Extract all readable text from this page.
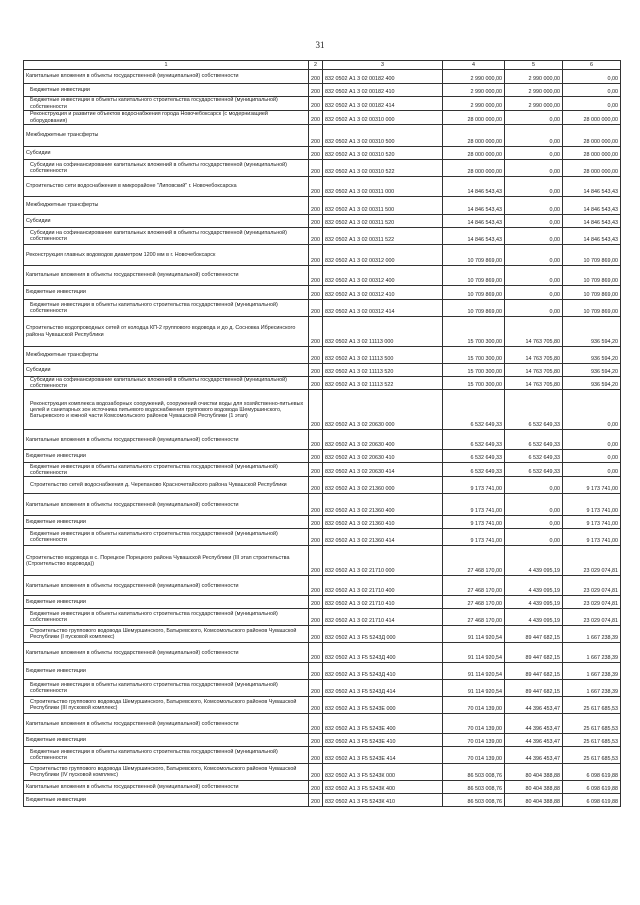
31
1	2	3	4	5	6
Капитальные вложения в объекты государственной (муниципальной) собственности	200	832 0502 А1 3 02 00182 400	2 990 000,00	2 990 000,00	0,00
Бюджетные инвестиции	200	832 0502 А1 3 02 00182 410	2 990 000,00	2 990 000,00	0,00
Бюджетные инвестиции в объекты капитального строительства государственной (муниципальной) собственности	200	832 0502 А1 3 02 00182 414	2 990 000,00	2 990 000,00	0,00
Реконструкция и развитие объектов водоснабжения города Новочебоксарск (с модернизацией оборудования)	200	832 0502 А1 3 02 00310 000	28 000 000,00	0,00	28 000 000,00
Межбюджетные трансферты	200	832 0502 А1 3 02 00310 500	28 000 000,00	0,00	28 000 000,00
Субсидии	200	832 0502 А1 3 02 00310 520	28 000 000,00	0,00	28 000 000,00
Субсидии на софинансирование капитальных вложений в объекты государственной (муниципальной) собственности	200	832 0502 А1 3 02 00310 522	28 000 000,00	0,00	28 000 000,00
Строительство сети водоснабжения в микрорайоне "Липовский" г. Новочебоксарска	200	832 0502 А1 3 02 00311 000	14 846 543,43	0,00	14 846 543,43
Межбюджетные трансферты	200	832 0502 А1 3 02 00311 500	14 846 543,43	0,00	14 846 543,43
Субсидии	200	832 0502 А1 3 02 00311 520	14 846 543,43	0,00	14 846 543,43
Субсидии на софинансирование капитальных вложений в объекты государственной (муниципальной) собственности	200	832 0502 А1 3 02 00311 522	14 846 543,43	0,00	14 846 543,43
Реконструкция главных водоводов диаметром 1200 мм в г. Новочебоксарск	200	832 0502 А1 3 02 00312 000	10 709 869,00	0,00	10 709 869,00
Капитальные вложения в объекты государственной (муниципальной) собственности	200	832 0502 А1 3 02 00312 400	10 709 869,00	0,00	10 709 869,00
Бюджетные инвестиции	200	832 0502 А1 3 02 00312 410	10 709 869,00	0,00	10 709 869,00
Бюджетные инвестиции в объекты капитального строительства государственной (муниципальной) собственности	200	832 0502 А1 3 02 00312 414	10 709 869,00	0,00	10 709 869,00
Строительство водопроводных сетей от колодца КП-2 группового водовода и до д. Сосновка Ибресинского района Чувашской Республики	200	832 0502 А1 3 02 11113 000	15 700 300,00	14 763 705,80	936 594,20
Межбюджетные трансферты	200	832 0502 А1 3 02 11113 500	15 700 300,00	14 763 705,80	936 594,20
Субсидии	200	832 0502 А1 3 02 11113 520	15 700 300,00	14 763 705,80	936 594,20
Субсидии на софинансирование капитальных вложений в объекты государственной (муниципальной) собственности	200	832 0502 А1 3 02 11113 522	15 700 300,00	14 763 705,80	936 594,20
Реконструкция комплекса водозаборных сооружений, сооружений очистки воды для хозяйственно-питьевых целей и санитарных зон источника питьевого водоснабжения группового водовода Шемуршинского, Батыревского и южной части Комсомольского районов Чувашской Республики (1 этап)	200	832 0502 А1 3 02 20630 000	6 532 649,33	6 532 649,33	0,00
Капитальные вложения в объекты государственной (муниципальной) собственности	200	832 0502 А1 3 02 20630 400	6 532 649,33	6 532 649,33	0,00
Бюджетные инвестиции	200	832 0502 А1 3 02 20630 410	6 532 649,33	6 532 649,33	0,00
Бюджетные инвестиции в объекты капитального строительства государственной (муниципальной) собственности	200	832 0502 А1 3 02 20630 414	6 532 649,33	6 532 649,33	0,00
Строительство сетей водоснабжения д. Черепаново Красночетайского района Чувашской Республики	200	832 0502 А1 3 02 21360 000	9 173 741,00	0,00	9 173 741,00
Капитальные вложения в объекты государственной (муниципальной) собственности	200	832 0502 А1 3 02 21360 400	9 173 741,00	0,00	9 173 741,00
Бюджетные инвестиции	200	832 0502 А1 3 02 21360 410	9 173 741,00	0,00	9 173 741,00
Бюджетные инвестиции в объекты капитального строительства государственной (муниципальной) собственности	200	832 0502 А1 3 02 21360 414	9 173 741,00	0,00	9 173 741,00
Строительство водовода в с. Порецкое Порецкого района Чувашской Республики (III этап строительства (Строительство водовода))	200	832 0502 А1 3 02 21710 000	27 468 170,00	4 439 095,19	23 029 074,81
Капитальные вложения в объекты государственной (муниципальной) собственности	200	832 0502 А1 3 02 21710 400	27 468 170,00	4 439 095,19	23 029 074,81
Бюджетные инвестиции	200	832 0502 А1 3 02 21710 410	27 468 170,00	4 439 095,19	23 029 074,81
Бюджетные инвестиции в объекты капитального строительства государственной (муниципальной) собственности	200	832 0502 А1 3 02 21710 414	27 468 170,00	4 439 095,19	23 029 074,81
Строительство группового водовода Шемуршинского, Батыревского, Комсомольского районов Чувашской Республики (I пусковой комплекс)	200	832 0502 А1 3 F5 5243Д 000	91 114 920,54	89 447 682,15	1 667 238,39
Капитальные вложения в объекты государственной (муниципальной) собственности	200	832 0502 А1 3 F5 5243Д 400	91 114 920,54	89 447 682,15	1 667 238,39
Бюджетные инвестиции	200	832 0502 А1 3 F5 5243Д 410	91 114 920,54	89 447 682,15	1 667 238,39
Бюджетные инвестиции в объекты капитального строительства государственной (муниципальной) собственности	200	832 0502 А1 3 F5 5243Д 414	91 114 920,54	89 447 682,15	1 667 238,39
Строительство группового водовода Шемуршинского, Батыревского, Комсомольского районов Чувашской Республики (III пусковой комплекс)	200	832 0502 А1 3 F5 5243Е 000	70 014 139,00	44 396 453,47	25 617 685,53
Капитальные вложения в объекты государственной (муниципальной) собственности	200	832 0502 А1 3 F5 5243Е 400	70 014 139,00	44 396 453,47	25 617 685,53
Бюджетные инвестиции	200	832 0502 А1 3 F5 5243Е 410	70 014 139,00	44 396 453,47	25 617 685,53
Бюджетные инвестиции в объекты капитального строительства государственной (муниципальной) собственности	200	832 0502 А1 3 F5 5243Е 414	70 014 139,00	44 396 453,47	25 617 685,53
Строительство группового водовода Шемуршинского, Батыревского, Комсомольского районов Чувашской Республики (IV пусковой комплекс)	200	832 0502 А1 3 F5 5243К 000	86 503 008,76	80 404 388,88	6 098 619,88
Капитальные вложения в объекты государственной (муниципальной) собственности	200	832 0502 А1 3 F5 5243К 400	86 503 008,76	80 404 388,88	6 098 619,88
Бюджетные инвестиции	200	832 0502 А1 3 F5 5243К 410	86 503 008,76	80 404 388,88	6 098 619,88
